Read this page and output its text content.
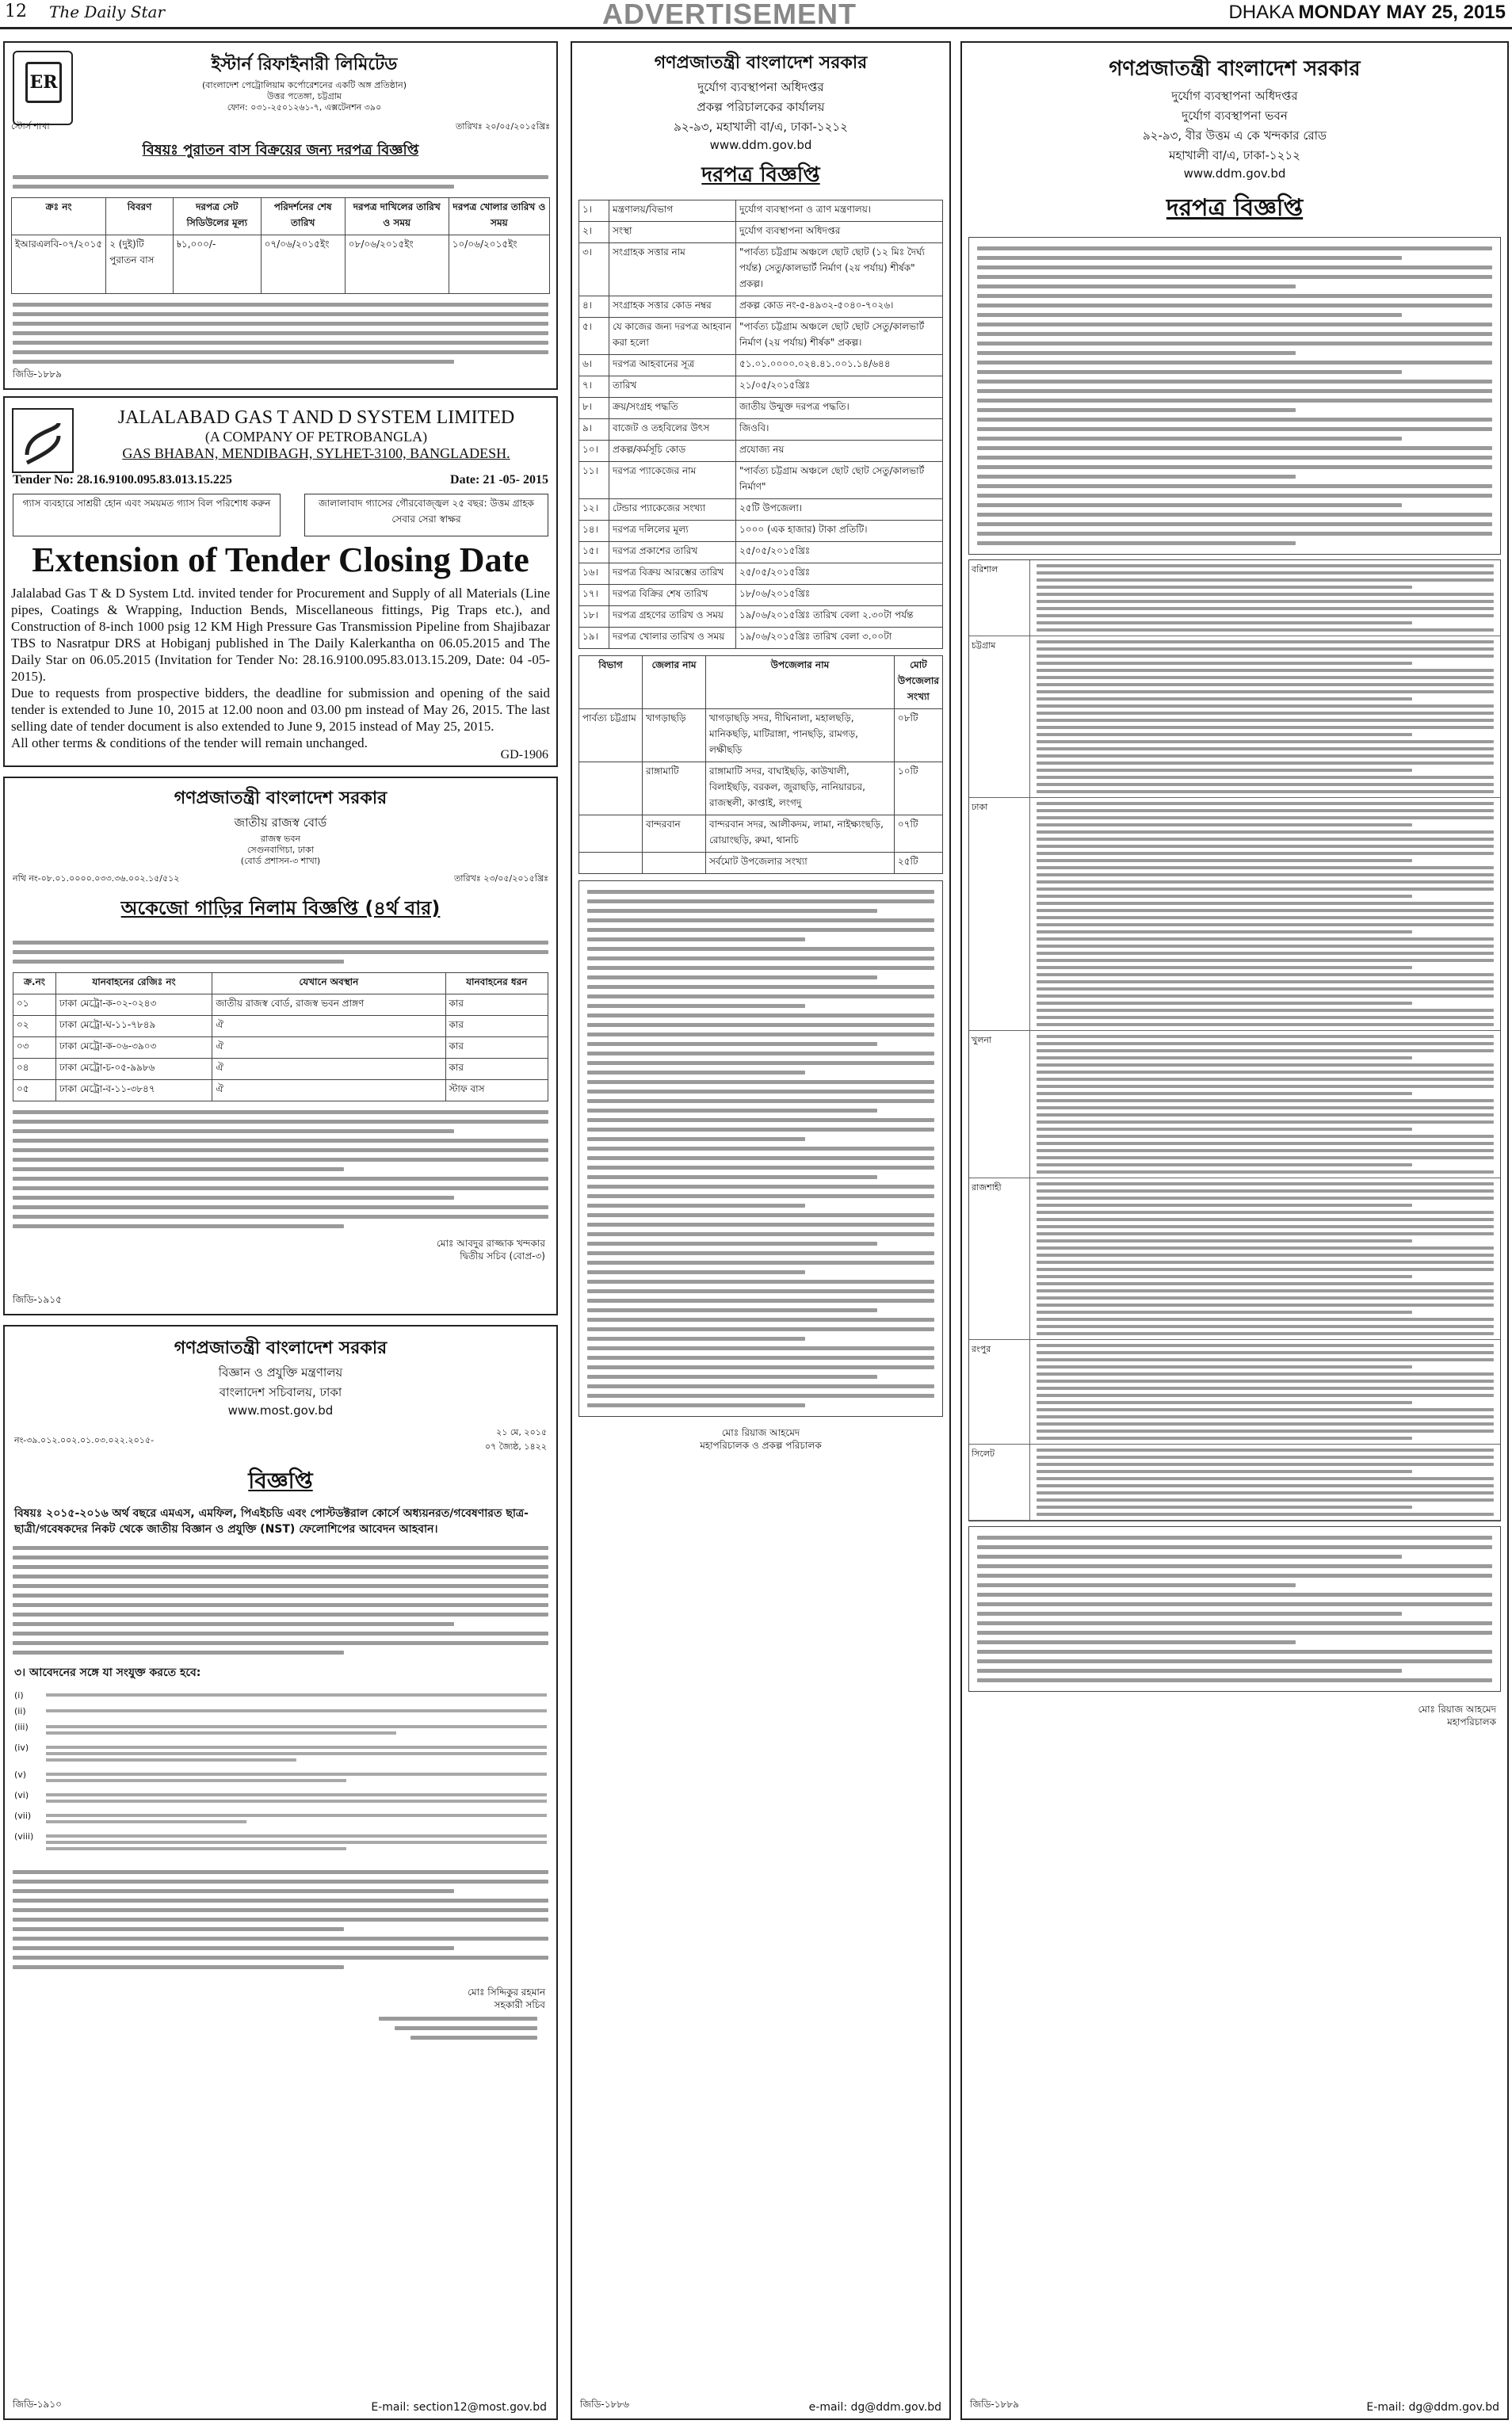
12 The Daily Star	ADVERTISEMENT	DHAKA MONDAY MAY 25, 2015
ER
ইস্টার্ন রিফাইনারী লিমিটেড
(বাংলাদেশ পেট্রোলিয়াম কর্পোরেশনের একটি অঙ্গ প্রতিষ্ঠান)
উত্তর পতেঙ্গা, চট্টগ্রাম
ফোন: ০৩১-২৫০১২৬১-৭, এক্সটেনশন ৩৯০
স্টোর্স শাখা	তারিখঃ ২০/০৫/২০১৫খ্রিঃ
বিষয়ঃ পুরাতন বাস বিক্রয়ের জন্য দরপত্র বিজ্ঞপ্তি
ক্রঃ নং	বিবরণ	দরপত্র সেট সিডিউলের মূল্য	পরিদর্শনের শেষ তারিখ	দরপত্র দাখিলের তারিখ ও সময়	দরপত্র খোলার তারিখ ও সময়
ইআরএলবি-০৭/২০১৫	২ (দুই)টি পুরাতন বাস	৳১,০০০/-	০৭/০৬/২০১৫ইং	০৮/০৬/২০১৫ইং	১০/০৬/২০১৫ইং
জিডি-১৮৮৯
JALALABAD GAS T AND D SYSTEM LIMITED
(A COMPANY OF PETROBANGLA)
GAS BHABAN, MENDIBAGH, SYLHET-3100, BANGLADESH.
Tender No: 28.16.9100.095.83.013.15.225	Date: 21 -05- 2015
গ্যাস ব্যবহারে সাশ্রয়ী হোন এবং সময়মত গ্যাস বিল পরিশোধ করুন	জালালাবাদ গ্যাসের গৌরবোজ্জ্বল ২৫ বছর: উত্তম গ্রাহক সেবার সেরা স্বাক্ষর
Extension of Tender Closing Date
Jalalabad Gas T & D System Ltd. invited tender for Procurement and Supply of all Materials (Line pipes, Coatings & Wrapping, Induction Bends, Miscellaneous fittings, Pig Traps etc.), and Construction of 8-inch 1000 psig 12 KM High Pressure Gas Transmission Pipeline from Shajibazar TBS to Nasratpur DRS at Hobiganj published in The Daily Kalerkantha on 06.05.2015 and The Daily Star on 06.05.2015 (Invitation for Tender No: 28.16.9100.095.83.013.15.209, Date: 04 -05- 2015).
Due to requests from prospective bidders, the deadline for submission and opening of the said tender is extended to June 10, 2015 at 12.00 noon and 03.00 pm instead of May 26, 2015. The last selling date of tender document is also extended to June 9, 2015 instead of May 25, 2015.
All other terms & conditions of the tender will remain unchanged.
GD-1906
গণপ্রজাতন্ত্রী বাংলাদেশ সরকার
জাতীয় রাজস্ব বোর্ড
রাজস্ব ভবন
সেগুনবাগিচা, ঢাকা
(বোর্ড প্রশাসন-৩ শাখা)
নথি নং-০৮.০১.০০০০.০৩৩.৩৬.০০২.১৫/৫১২	তারিখঃ ২৩/০৫/২০১৫খ্রিঃ
অকেজো গাড়ির নিলাম বিজ্ঞপ্তি (৪র্থ বার)
ক্র.নং	যানবাহনের রেজিঃ নং	যেখানে অবস্থান	যানবাহনের ধরন
০১	ঢাকা মেট্রো-ক-০২-০২৪৩	জাতীয় রাজস্ব বোর্ড, রাজস্ব ভবন প্রাঙ্গণ	কার
০২	ঢাকা মেট্রো-ঘ-১১-৭৮৪৯	ঐ	কার
০৩	ঢাকা মেট্রো-ক-০৬-৩৯০৩	ঐ	কার
০৪	ঢাকা মেট্রো-চ-০৫-৯৯৮৬	ঐ	কার
০৫	ঢাকা মেট্রো-ব-১১-৩৮৪৭	ঐ	স্টাফ বাস
মোঃ আবদুর রাজ্জাক খন্দকার
দ্বিতীয় সচিব (বোপ্র-৩)
জিডি-১৯১৫
গণপ্রজাতন্ত্রী বাংলাদেশ সরকার
বিজ্ঞান ও প্রযুক্তি মন্ত্রণালয়
বাংলাদেশ সচিবালয়, ঢাকা
www.most.gov.bd
নং-৩৯.০১২.০০২.০১.০৩.০২২.২০১৫-
২১ মে, ২০১৫
০৭ জ্যৈষ্ঠ, ১৪২২
বিজ্ঞপ্তি
বিষয়ঃ ২০১৫-২০১৬ অর্থ বছরে এমএস, এমফিল, পিএইচডি এবং পোস্টডক্টরাল কোর্সে অধ্যয়নরত/গবেষণারত ছাত্র-ছাত্রী/গবেষকদের নিকট থেকে জাতীয় বিজ্ঞান ও প্রযুক্তি (NST) ফেলোশিপের আবেদন আহবান।
৩। আবেদনের সঙ্গে যা সংযুক্ত করতে হবে:
(i)
(ii)
(iii)
(iv)
(v)
(vi)
(vii)
(viii)
মোঃ সিদ্দিকুর রহমান
সহকারী সচিব
জিডি-১৯১০	E-mail: section12@most.gov.bd
গণপ্রজাতন্ত্রী বাংলাদেশ সরকার
দুর্যোগ ব্যবস্থাপনা অধিদপ্তর
প্রকল্প পরিচালকের কার্যালয়
৯২-৯৩, মহাখালী বা/এ, ঢাকা-১২১২
www.ddm.gov.bd
দরপত্র বিজ্ঞপ্তি
১।	মন্ত্রণালয়/বিভাগ	দুর্যোগ ব্যবস্থাপনা ও ত্রাণ মন্ত্রণালয়।
২।	সংস্থা	দুর্যোগ ব্যবস্থাপনা অধিদপ্তর
৩।	সংগ্রাহক সত্তার নাম	"পার্বত্য চট্টগ্রাম অঞ্চলে ছোট ছোট (১২ মিঃ দৈর্ঘ্য পর্যন্ত) সেতু/কালভার্ট নির্মাণ (২য় পর্যায়) শীর্ষক" প্রকল্প।
৪।	সংগ্রাহক সত্তার কোড নম্বর	প্রকল্প কোড নং-৫-৪৯৩২-৫০৪০-৭০২৬।
৫।	যে কাজের জন্য দরপত্র আহবান করা হলো	"পার্বত্য চট্টগ্রাম অঞ্চলে ছোট ছোট সেতু/কালভার্ট নির্মাণ (২য় পর্যায়) শীর্ষক" প্রকল্প।
৬।	দরপত্র আহবানের সূত্র	৫১.০১.০০০০.০২৪.৪১.০০১.১৪/৬৪৪
৭।	তারিখ	২১/০৫/২০১৫খ্রিঃ
৮।	ক্রয়/সংগ্রহ পদ্ধতি	জাতীয় উন্মুক্ত দরপত্র পদ্ধতি।
৯।	বাজেট ও তহবিলের উৎস	জিওবি।
১০।	প্রকল্প/কর্মসূচি কোড	প্রযোজ্য নয়
১১।	দরপত্র প্যাকেজের নাম	"পার্বত্য চট্টগ্রাম অঞ্চলে ছোট ছোট সেতু/কালভার্ট নির্মাণ"
১২।	টেন্ডার প্যাকেজের সংখ্যা	২৫টি উপজেলা।
১৪।	দরপত্র দলিলের মূল্য	১০০০ (এক হাজার) টাকা প্রতিটি।
১৫।	দরপত্র প্রকাশের তারিখ	২৫/০৫/২০১৫খ্রিঃ
১৬।	দরপত্র বিক্রয় আরম্ভের তারিখ	২৫/০৫/২০১৫খ্রিঃ
১৭।	দরপত্র বিক্রির শেষ তারিখ	১৮/০৬/২০১৫খ্রিঃ
১৮।	দরপত্র গ্রহণের তারিখ ও সময়	১৯/০৬/২০১৫খ্রিঃ তারিখ বেলা ২.৩০টা পর্যন্ত
১৯।	দরপত্র খোলার তারিখ ও সময়	১৯/০৬/২০১৫খ্রিঃ তারিখ বেলা ৩.০০টা
বিভাগ	জেলার নাম	উপজেলার নাম	মোট উপজেলার সংখ্যা
পার্বত্য চট্টগ্রাম	খাগড়াছড়ি	খাগড়াছড়ি সদর, দীঘিনালা, মহালছড়ি, মানিকছড়ি, মাটিরাঙ্গা, পানছড়ি, রামগড়, লক্ষীছড়ি	০৮টি
	রাঙ্গামাটি	রাঙ্গামাটি সদর, বাঘাইছড়ি, কাউখালী, বিলাইছড়ি, বরকল, জুরাছড়ি, নানিয়ারচর, রাজস্থলী, কাপ্তাই, লংগদু	১০টি
	বান্দরবান	বান্দরবান সদর, আলীকদম, লামা, নাইক্ষ্যংছড়ি, রোয়াংছড়ি, রুমা, থানচি	০৭টি
		সর্বমোট উপজেলার সংখ্যা	২৫টি
মোঃ রিয়াজ আহমেদ
মহাপরিচালক ও প্রকল্প পরিচালক
জিডি-১৮৮৬	e-mail: dg@ddm.gov.bd
গণপ্রজাতন্ত্রী বাংলাদেশ সরকার
দুর্যোগ ব্যবস্থাপনা অধিদপ্তর
দুর্যোগ ব্যবস্থাপনা ভবন
৯২-৯৩, বীর উত্তম এ কে খন্দকার রোড
মহাখালী বা/এ, ঢাকা-১২১২
www.ddm.gov.bd
দরপত্র বিজ্ঞপ্তি
বরিশাল
চট্টগ্রাম
ঢাকা
খুলনা
রাজশাহী
রংপুর
সিলেট
মোঃ রিয়াজ আহমেদ
মহাপরিচালক
জিডি-১৮৮৯	E-mail: dg@ddm.gov.bd
